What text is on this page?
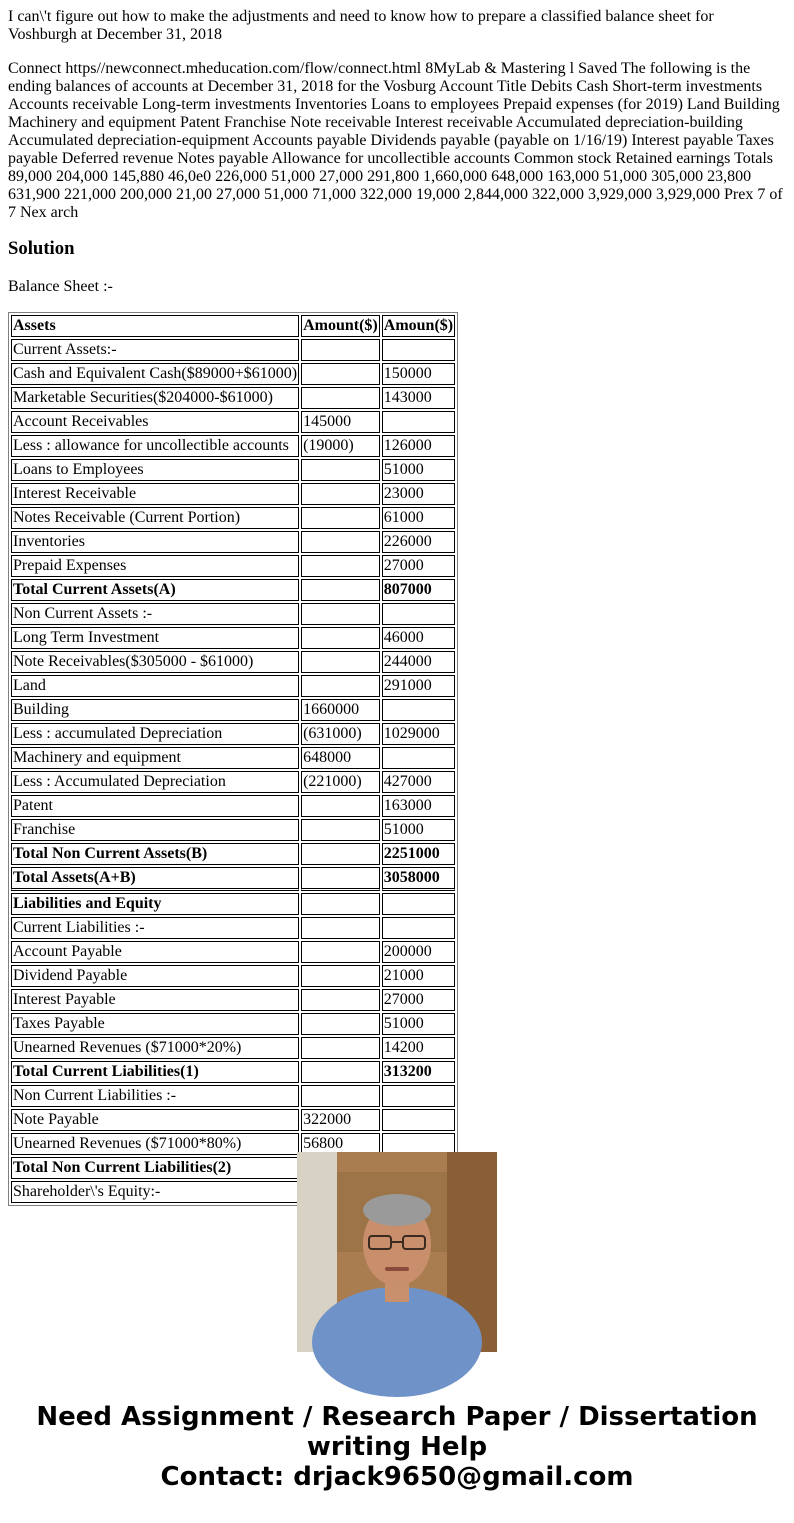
I can\'t figure out how to make the adjustments and need to know how to prepare a classified balance sheet for Voshburgh at December 31, 2018

Connect https//newconnect.mheducation.com/flow/connect.html 8MyLab & Mastering l Saved The following is the ending balances of accounts at December 31, 2018 for the Vosburg Account Title Debits Cash Short-term investments Accounts receivable Long-term investments Inventories Loans to employees Prepaid expenses (for 2019) Land Building Machinery and equipment Patent Franchise Note receivable Interest receivable Accumulated depreciation-building Accumulated depreciation-equipment Accounts payable Dividends payable (payable on 1/16/19) Interest payable Taxes payable Deferred revenue Notes payable Allowance for uncollectible accounts Common stock Retained earnings Totals 89,000 204,000 145,880 46,0e0 226,000 51,000 27,000 291,800 1,660,000 648,000 163,000 51,000 305,000 23,800 631,900 221,000 200,000 21,00 27,000 51,000 71,000 322,000 19,000 2,844,000 322,000 3,929,000 3,929,000 Prex 7 of 7 Nex arch

Solution

Balance Sheet :-

Assets	Amount($)	Amoun($)
Current Assets:-		
Cash and Equivalent Cash($89000+$61000)		150000
Marketable Securities($204000-$61000)		143000
Account Receivables	145000	
Less : allowance for uncollectible accounts	(19000)	126000
Loans to Employees		51000
Interest Receivable		23000
Notes Receivable (Current Portion)		61000
Inventories		226000
Prepaid Expenses		27000
Total Current Assets(A)		807000
Non Current Assets :-		
Long Term Investment		46000
Note Receivables($305000 - $61000)		244000
Land		291000
Building	1660000	
Less : accumulated Depreciation	(631000)	1029000
Machinery and equipment	648000	
Less : Accumulated Depreciation	(221000)	427000
Patent		163000
Franchise		51000
Total Non Current Assets(B)		2251000
Total Assets(A+B)		3058000
Liabilities and Equity		
Current Liabilities :-		
Account Payable		200000
Dividend Payable		21000
Interest Payable		27000
Taxes Payable		51000
Unearned Revenues ($71000*20%)		14200
Total Current Liabilities(1)		313200
Non Current Liabilities :-		
Note Payable	322000	
Unearned Revenues ($71000*80%)	56800	
Total Non Current Liabilities(2)		
Shareholder\'s Equity:-		
Need Assignment / Research Paper / Dissertation
writing Help
Contact: drjack9650@gmail.com
